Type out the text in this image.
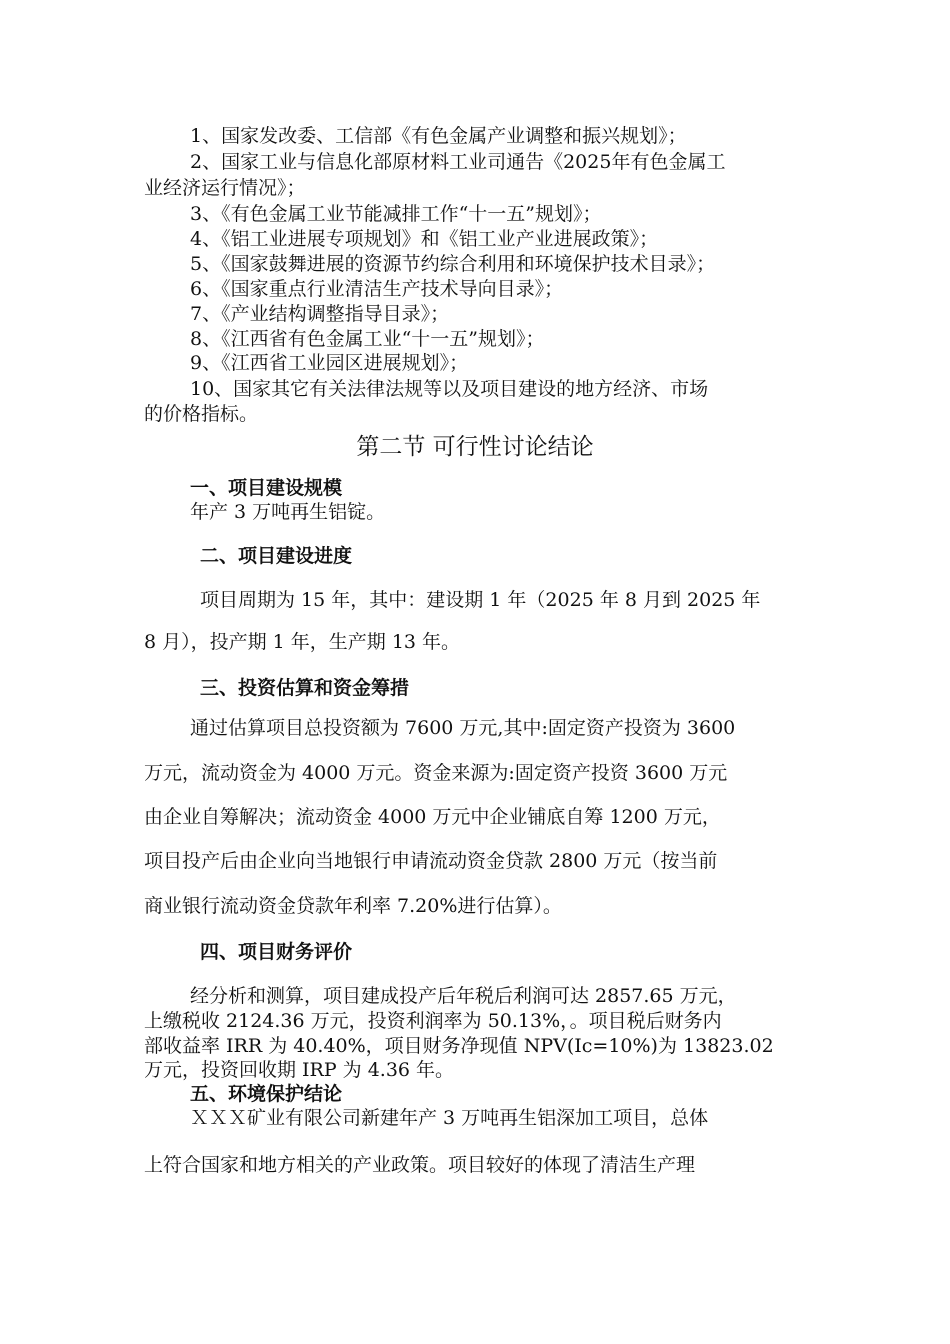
1、国家发改委、工信部《有色金属产业调整和振兴规划》；
2、国家工业与信息化部原材料工业司通告《2025年有色金属工
业经济运行情况》；
3、《有色金属工业节能减排工作“十一五”规划》；
4、《铝工业进展专项规划》和《铝工业产业进展政策》；
5、《国家鼓舞进展的资源节约综合利用和环境保护技术目录》；
6、《国家重点行业清洁生产技术导向目录》；
7、《产业结构调整指导目录》；
8、《江西省有色金属工业“十一五”规划》；
9、《江西省工业园区进展规划》；
10、国家其它有关法律法规等以及项目建设的地方经济、市场
的价格指标。
第二节 可行性讨论结论
一、项目建设规模
年产 3 万吨再生铝锭。
二、项目建设进度
项目周期为 15 年，其中：建设期 1 年（2025 年 8 月到 2025 年
8 月），投产期 1 年，生产期 13 年。
三、投资估算和资金筹措
通过估算项目总投资额为 7600 万元,其中:固定资产投资为 3600
万元，流动资金为 4000 万元。资金来源为:固定资产投资 3600 万元
由企业自筹解决；流动资金 4000 万元中企业铺底自筹 1200 万元，
项目投产后由企业向当地银行申请流动资金贷款 2800 万元（按当前
商业银行流动资金贷款年利率 7.20%进行估算）。
四、项目财务评价
经分析和测算，项目建成投产后年税后利润可达 2857.65 万元，
上缴税收 2124.36 万元，投资利润率为 50.13%，。项目税后财务内
部收益率 IRR 为 40.40%，项目财务净现值 NPV(Ic=10%)为 13823.02
万元，投资回收期 IRP 为 4.36 年。
五、环境保护结论
ＸＸＸ矿业有限公司新建年产 3 万吨再生铝深加工项目，总体
上符合国家和地方相关的产业政策。项目较好的体现了清洁生产理
